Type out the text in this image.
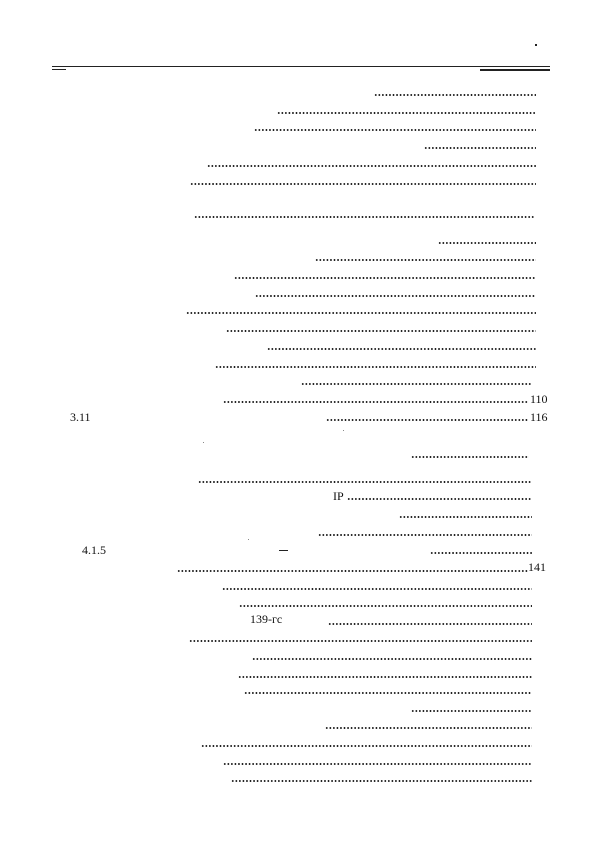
110
3.11	116
IP
4.1.5
141
139-гс
